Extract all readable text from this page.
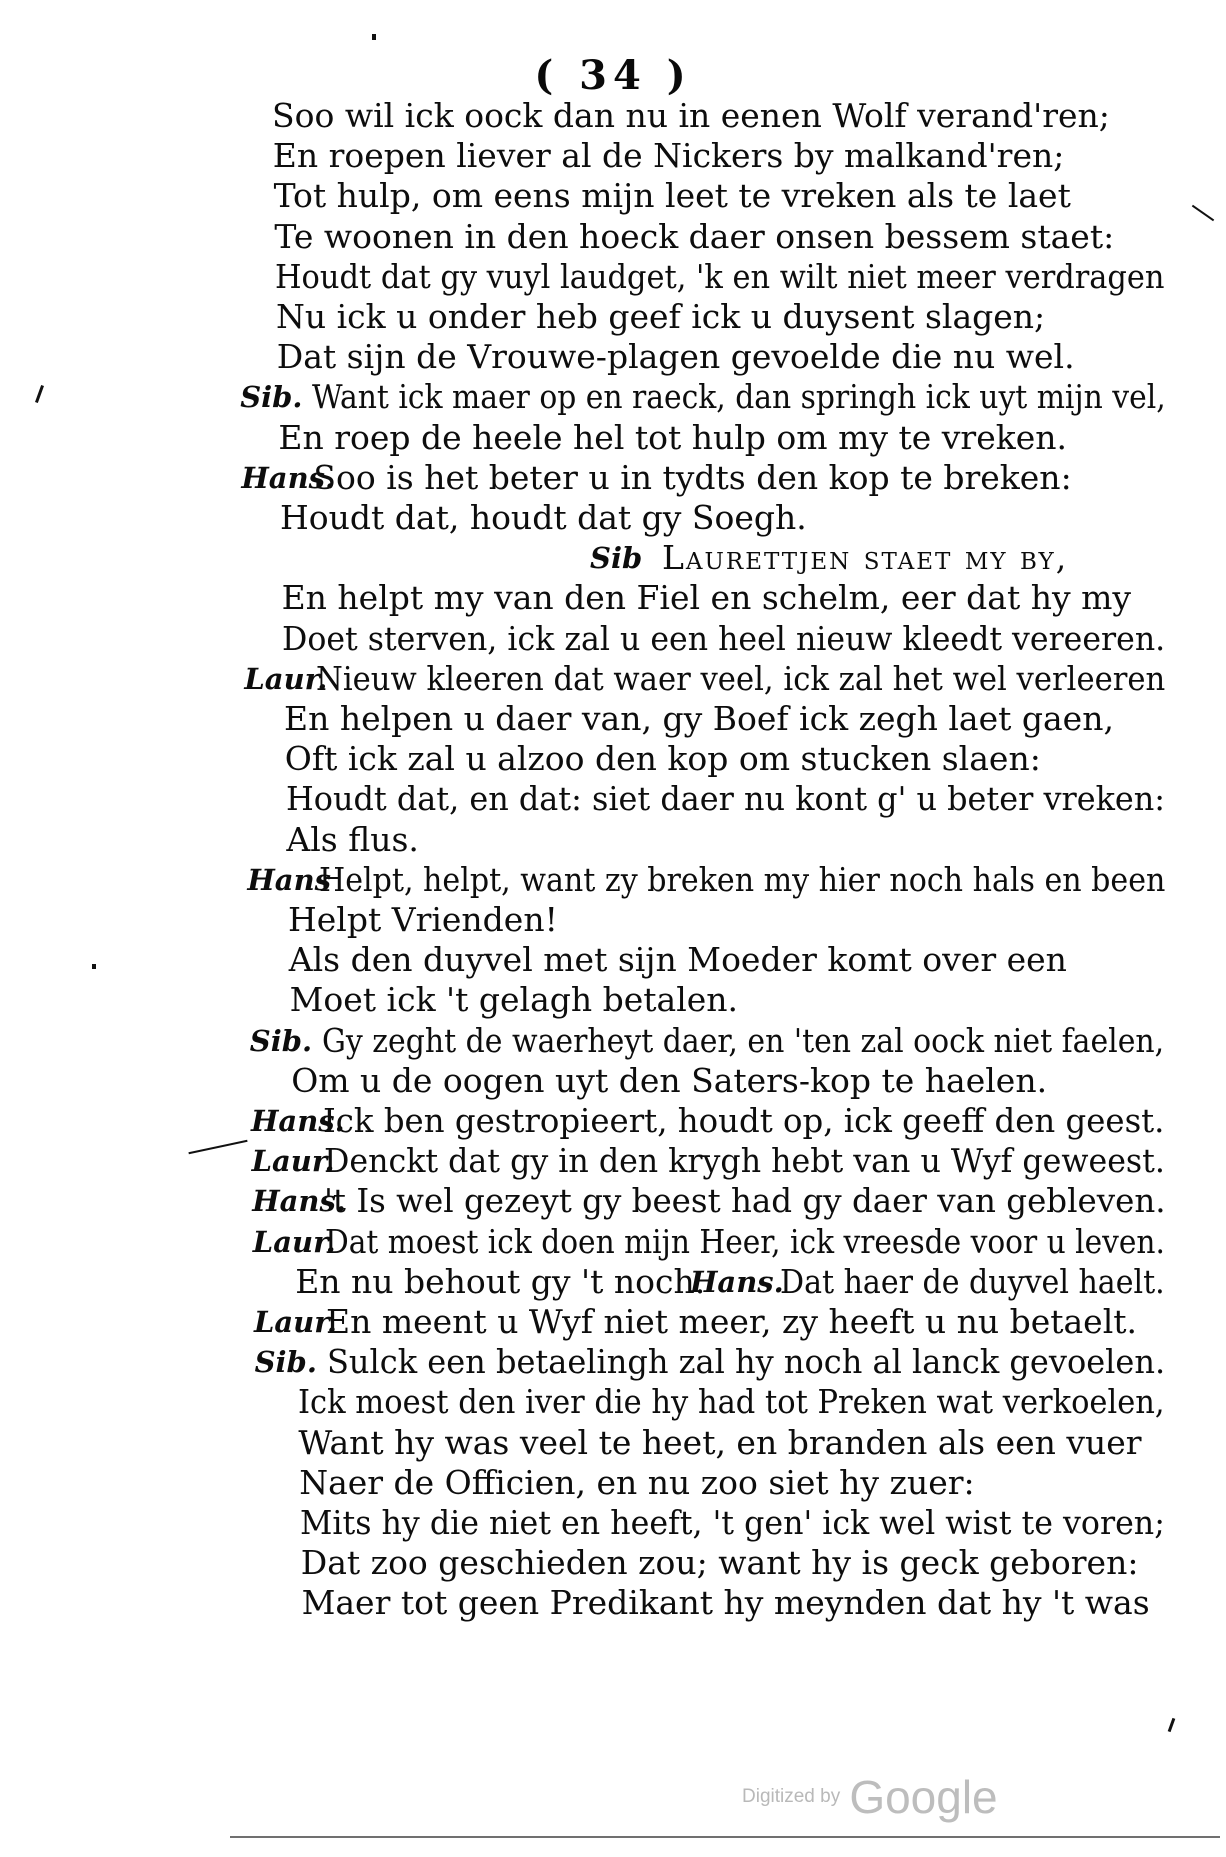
( 34 )
Soo wil ick oock dan nu in eenen Wolf verand'ren;
En roepen liever al de Nickers by malkand'ren;
Tot hulp, om eens mijn leet te vreken als te laet
Te woonen in den hoeck daer onsen bessem staet:
Houdt dat gy vuyl laudget, 'k en wilt niet meer verdragen
Nu ick u onder heb geef ick u duysent slagen;
Dat sijn de Vrouwe-plagen gevoelde die nu wel.
Sib. Want ick maer op en raeck, dan springh ick uyt mijn vel,
En roep de heele hel tot hulp om my te vreken.
Hans.
Soo is het beter u in tydts den kop te breken:
Houdt dat, houdt dat gy Soegh.
Sib Laurettjen staet my by,
En helpt my van den Fiel en schelm, eer dat hy my
Doet sterven, ick zal u een heel nieuw kleedt vereeren.
Laur.
Nieuw kleeren dat waer veel, ick zal het wel verleeren
En helpen u daer van, gy Boef ick zegh laet gaen,
Oft ick zal u alzoo den kop om stucken slaen:
Houdt dat, en dat: siet daer nu kont g' u beter vreken:
Als flus.
Hans
Helpt, helpt, want zy breken my hier noch hals en been
Helpt Vrienden!
Als den duyvel met sijn Moeder komt over een
Moet ick 't gelagh betalen.
Sib. Gy zeght de waerheyt daer, en 'ten zal oock niet faelen,
Om u de oogen uyt den Saters-kop te haelen.
Hans.
Ick ben gestropieert, houdt op, ick geeff den geest.
Laur.
Denckt dat gy in den krygh hebt van u Wyf geweest.
Hans.
't Is wel gezeyt gy beest had gy daer van gebleven.
Laur.
Dat moest ick doen mijn Heer, ick vreesde voor u leven.
En nu behout gy 't noch.
Hans.
Dat haer de duyvel haelt.
Laur.
En meent u Wyf niet meer, zy heeft u nu betaelt.
Sib. Sulck een betaelingh zal hy noch al lanck gevoelen.
Ick moest den iver die hy had tot Preken wat verkoelen,
Want hy was veel te heet, en branden als een vuer
Naer de Officien, en nu zoo siet hy zuer:
Mits hy die niet en heeft, 't gen' ick wel wist te voren;
Dat zoo geschieden zou; want hy is geck geboren:
Maer tot geen Predikant hy meynden dat hy 't was
Digitized by Google
